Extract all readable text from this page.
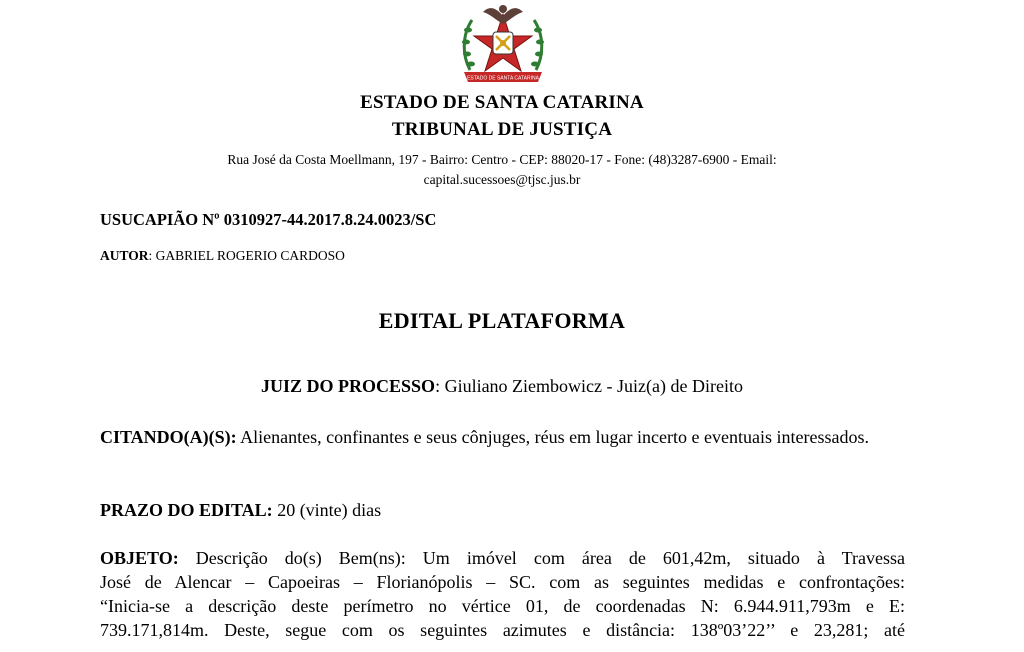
ESTADO DE SANTA CATARINA
ESTADO DE SANTA CATARINA
TRIBUNAL DE JUSTIÇA
Rua José da Costa Moellmann, 197 - Bairro: Centro - CEP: 88020-17 - Fone: (48)3287-6900 - Email:
capital.sucessoes@tjsc.jus.br
USUCAPIÃO Nº 0310927-44.2017.8.24.0023/SC
AUTOR: GABRIEL ROGERIO CARDOSO
EDITAL PLATAFORMA
JUIZ DO PROCESSO: Giuliano Ziembowicz - Juiz(a) de Direito
CITANDO(A)(S): Alienantes, confinantes e seus cônjuges, réus em lugar incerto e eventuais interessados.
PRAZO DO EDITAL: 20 (vinte) dias
OBJETO: Descrição do(s) Bem(ns): Um imóvel com área de 601,42m, situado à Travessa
José de Alencar – Capoeiras – Florianópolis – SC. com as seguintes medidas e confrontações:
“Inicia-se a descrição deste perímetro no vértice 01, de coordenadas N: 6.944.911,793m e E:
739.171,814m. Deste, segue com os seguintes azimutes e distância: 138º03’22’’ e 23,281; até
